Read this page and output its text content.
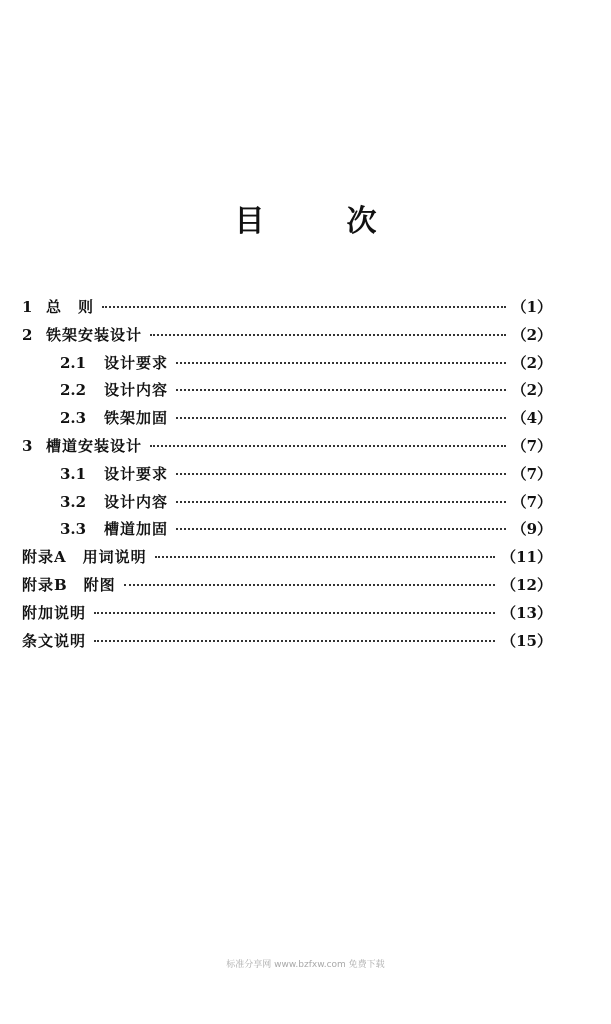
目	次
1 总　则	（1）
2 铁架安装设计	（2）
2.1	设计要求	（2）
2.2	设计内容	（2）
2.3	铁架加固	（4）
3 槽道安装设计	（7）
3.1	设计要求	（7）
3.2	设计内容	（7）
3.3	槽道加固	（9）
附录A　用词说明	（11）
附录B　附图	（12）
附加说明	（13）
条文说明	（15）
标准分享网 www.bzfxw.com 免费下载
